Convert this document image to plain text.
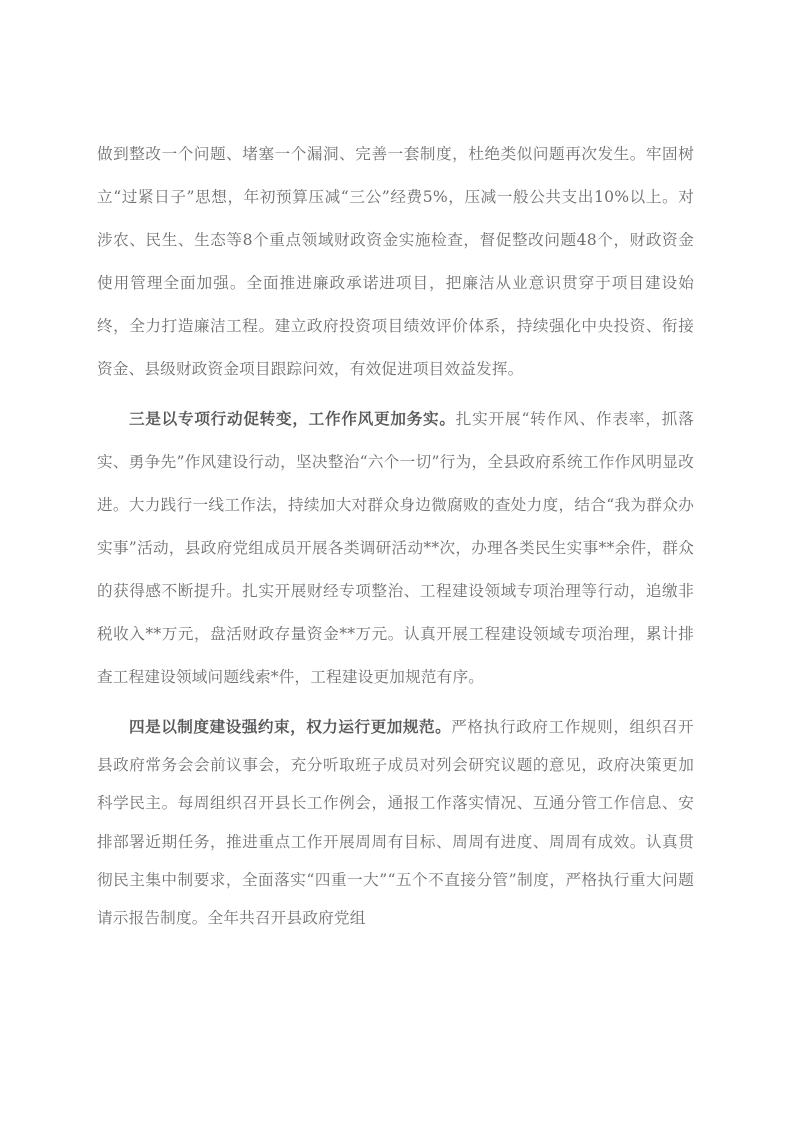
做到整改一个问题、堵塞一个漏洞、完善一套制度，杜绝类似问题再次发生。牢固树立“过紧日子”思想，年初预算压减“三公”经费5%，压减一般公共支出10%以上。对涉农、民生、生态等8个重点领域财政资金实施检查，督促整改问题48个，财政资金使用管理全面加强。全面推进廉政承诺进项目，把廉洁从业意识贯穿于项目建设始终，全力打造廉洁工程。建立政府投资项目绩效评价体系，持续强化中央投资、衔接资金、县级财政资金项目跟踪问效，有效促进项目效益发挥。

三是以专项行动促转变，工作作风更加务实。扎实开展“转作风、作表率，抓落实、勇争先”作风建设行动，坚决整治“六个一切”行为，全县政府系统工作作风明显改进。大力践行一线工作法，持续加大对群众身边微腐败的查处力度，结合“我为群众办实事”活动，县政府党组成员开展各类调研活动**次，办理各类民生实事**余件，群众的获得感不断提升。扎实开展财经专项整治、工程建设领域专项治理等行动，追缴非税收入**万元，盘活财政存量资金**万元。认真开展工程建设领域专项治理，累计排查工程建设领域问题线索*件，工程建设更加规范有序。

四是以制度建设强约束，权力运行更加规范。严格执行政府工作规则，组织召开县政府常务会会前议事会，充分听取班子成员对列会研究议题的意见，政府决策更加科学民主。每周组织召开县长工作例会，通报工作落实情况、互通分管工作信息、安排部署近期任务，推进重点工作开展周周有目标、周周有进度、周周有成效。认真贯彻民主集中制要求，全面落实“四重一大”“五个不直接分管”制度，严格执行重大问题请示报告制度。全年共召开县政府党组
